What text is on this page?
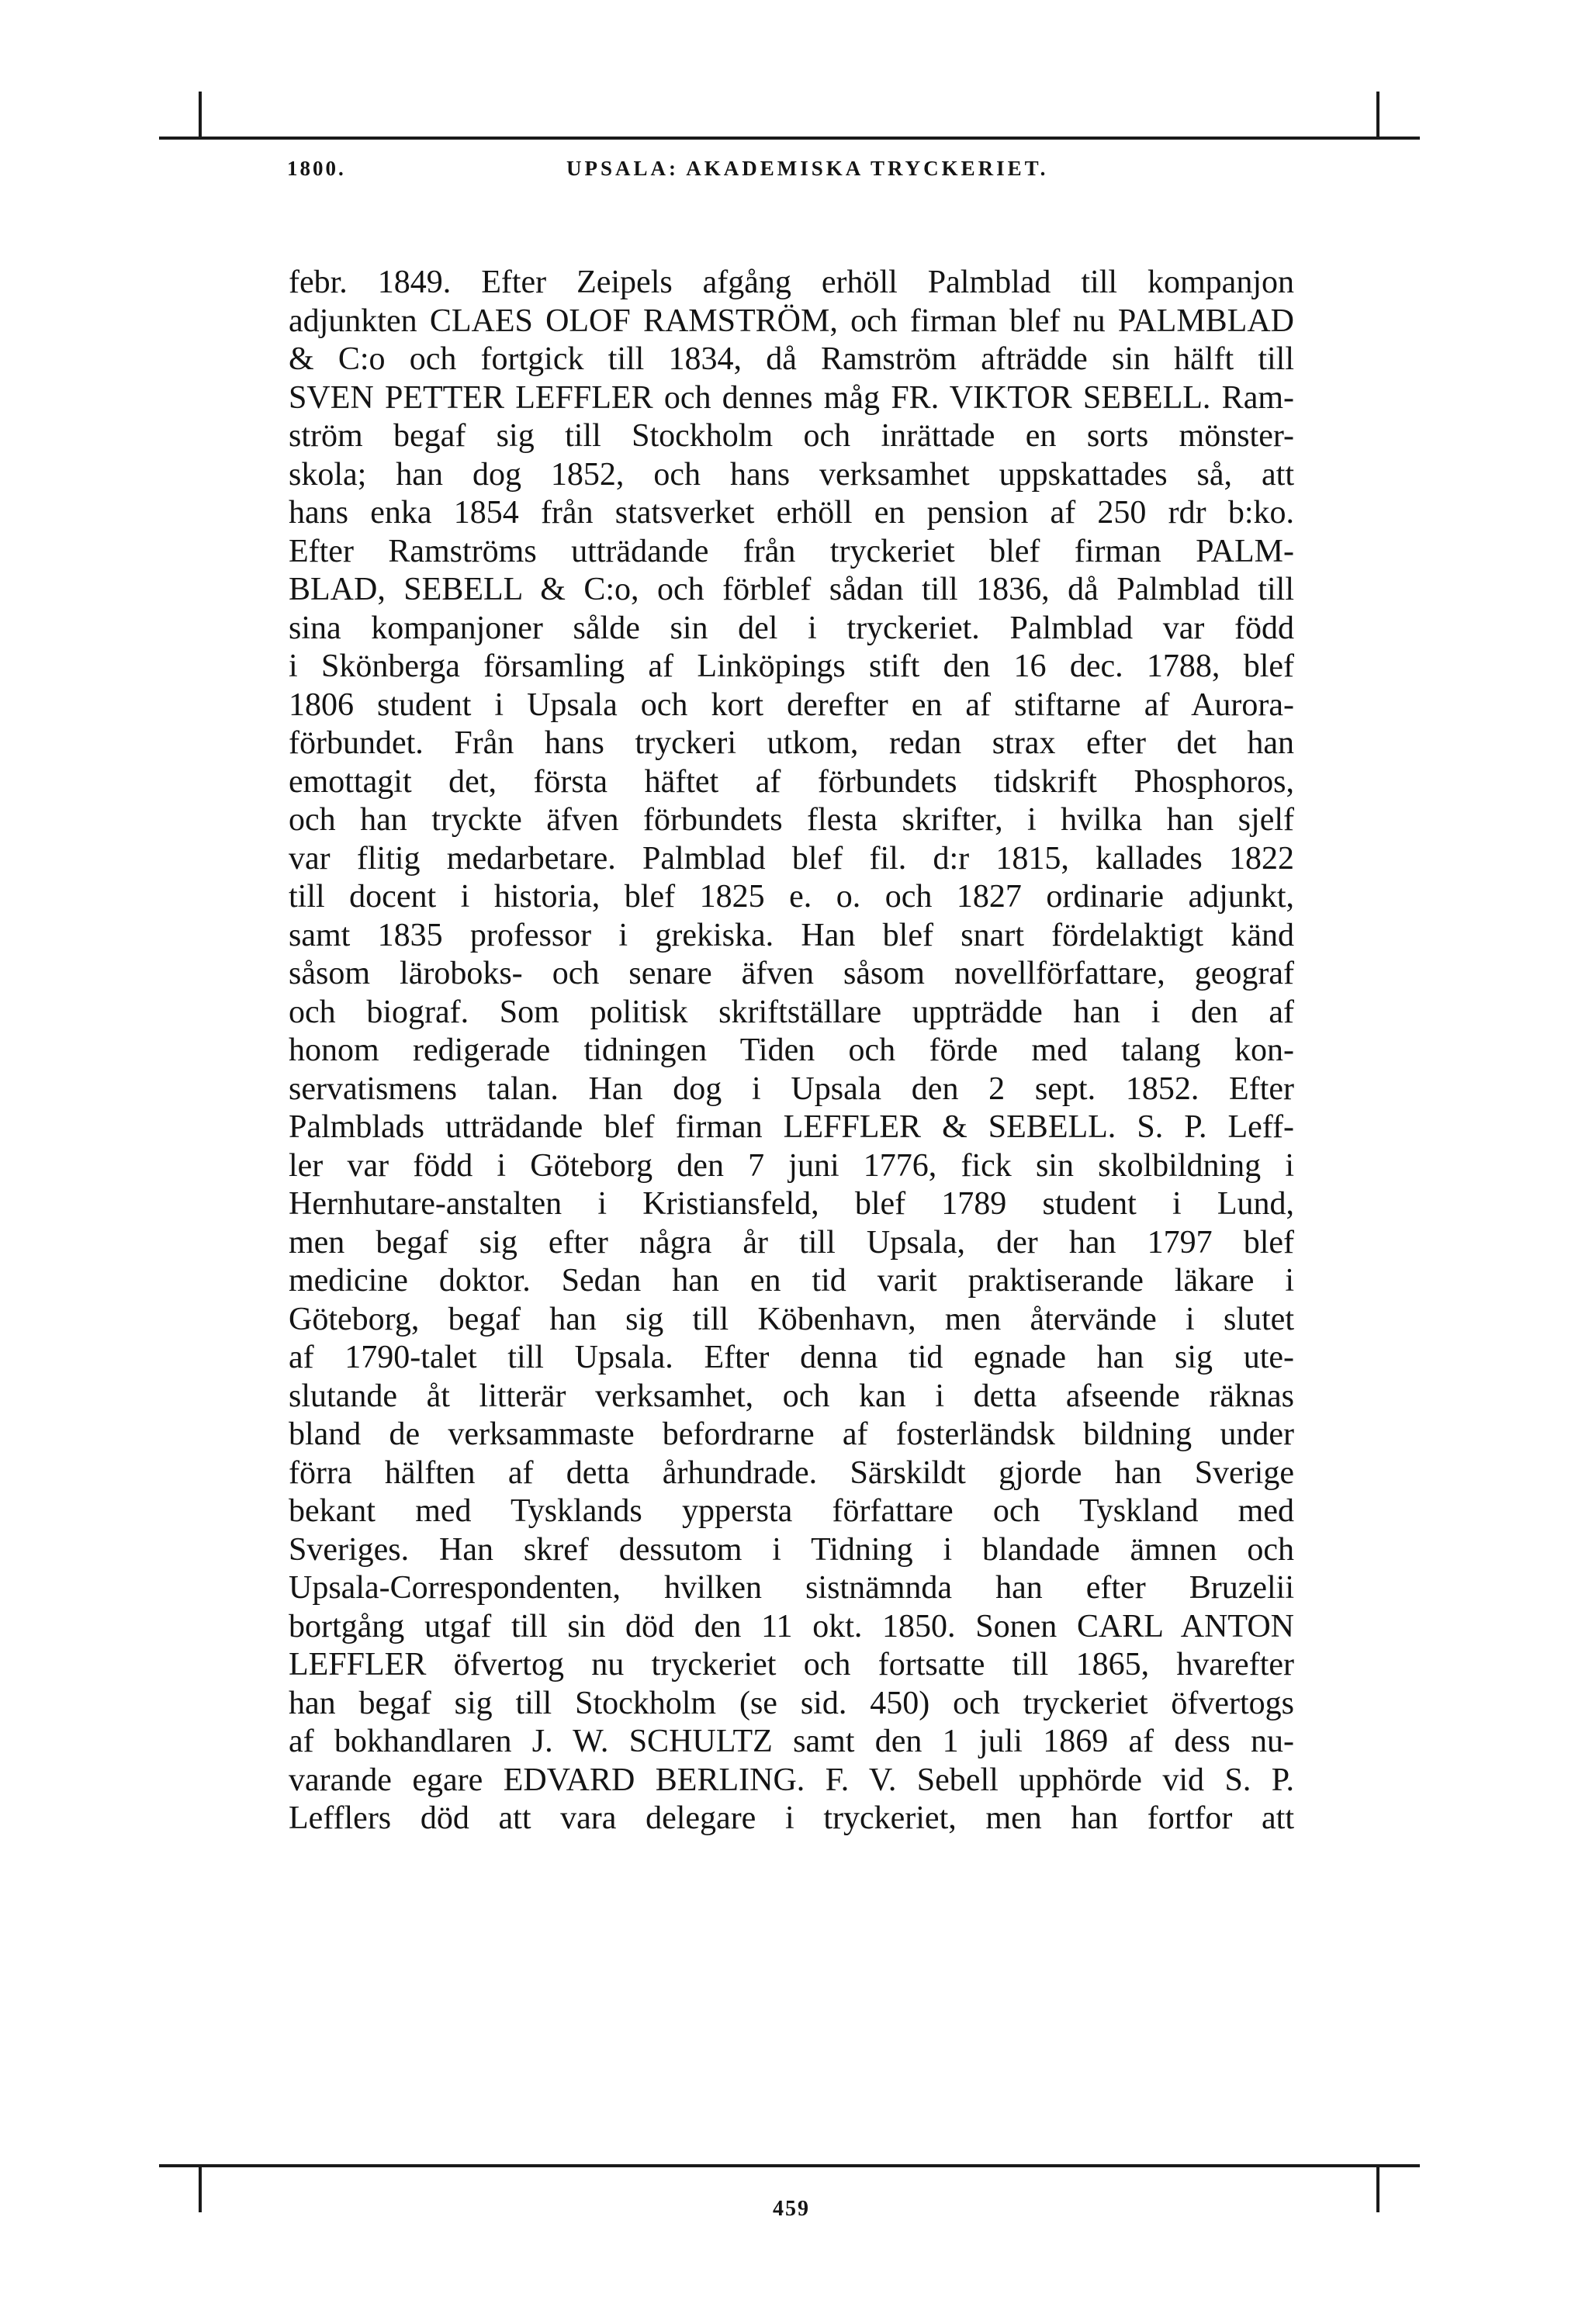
1800.	UPSALA: AKADEMISKA TRYCKERIET.
febr. 1849. Efter Zeipels afgång erhöll Palmblad till kompanjon
adjunkten CLAES OLOF RAMSTRÖM, och firman blef nu PALMBLAD
& C:o och fortgick till 1834, då Ramström afträdde sin hälft till
SVEN PETTER LEFFLER och dennes måg FR. VIKTOR SEBELL. Ram-
ström begaf sig till Stockholm och inrättade en sorts mönster-
skola; han dog 1852, och hans verksamhet uppskattades så, att
hans enka 1854 från statsverket erhöll en pension af 250 rdr b:ko.
Efter Ramströms utträdande från tryckeriet blef firman PALM-
BLAD, SEBELL & C:o, och förblef sådan till 1836, då Palmblad till
sina kompanjoner sålde sin del i tryckeriet. Palmblad var född
i Skönberga församling af Linköpings stift den 16 dec. 1788, blef
1806 student i Upsala och kort derefter en af stiftarne af Aurora-
förbundet. Från hans tryckeri utkom, redan strax efter det han
emottagit det, första häftet af förbundets tidskrift Phosphoros,
och han tryckte äfven förbundets flesta skrifter, i hvilka han sjelf
var flitig medarbetare. Palmblad blef fil. d:r 1815, kallades 1822
till docent i historia, blef 1825 e. o. och 1827 ordinarie adjunkt,
samt 1835 professor i grekiska. Han blef snart fördelaktigt känd
såsom läroboks- och senare äfven såsom novellförfattare, geograf
och biograf. Som politisk skriftställare uppträdde han i den af
honom redigerade tidningen Tiden och förde med talang kon-
servatismens talan. Han dog i Upsala den 2 sept. 1852. Efter
Palmblads utträdande blef firman LEFFLER & SEBELL. S. P. Leff-
ler var född i Göteborg den 7 juni 1776, fick sin skolbildning i
Hernhutare-anstalten i Kristiansfeld, blef 1789 student i Lund,
men begaf sig efter några år till Upsala, der han 1797 blef
medicine doktor. Sedan han en tid varit praktiserande läkare i
Göteborg, begaf han sig till Köbenhavn, men återvände i slutet
af 1790-talet till Upsala. Efter denna tid egnade han sig ute-
slutande åt litterär verksamhet, och kan i detta afseende räknas
bland de verksammaste befordrarne af fosterländsk bildning under
förra hälften af detta århundrade. Särskildt gjorde han Sverige
bekant med Tysklands yppersta författare och Tyskland med
Sveriges. Han skref dessutom i Tidning i blandade ämnen och
Upsala-Correspondenten, hvilken sistnämnda han efter Bruzelii
bortgång utgaf till sin död den 11 okt. 1850. Sonen CARL ANTON
LEFFLER öfvertog nu tryckeriet och fortsatte till 1865, hvarefter
han begaf sig till Stockholm (se sid. 450) och tryckeriet öfvertogs
af bokhandlaren J. W. SCHULTZ samt den 1 juli 1869 af dess nu-
varande egare EDVARD BERLING. F. V. Sebell upphörde vid S. P.
Lefflers död att vara delegare i tryckeriet, men han fortfor att
459
